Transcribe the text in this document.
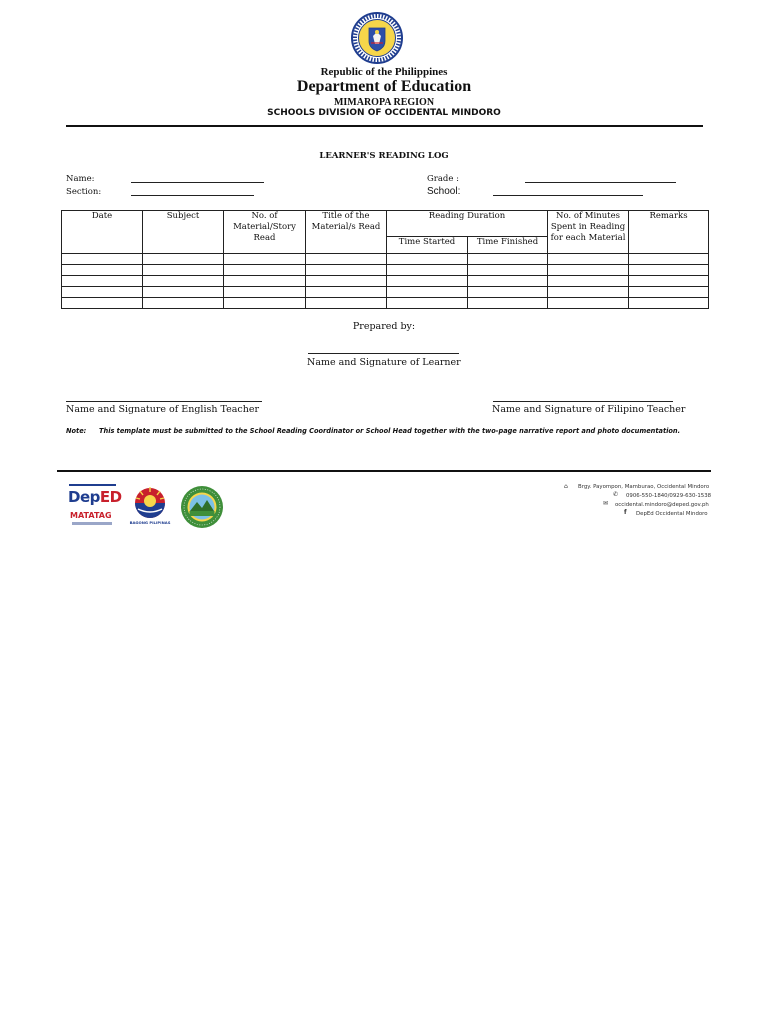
Republic of the Philippines
Department of Education
MIMAROPA REGION
SCHOOLS DIVISION OF OCCIDENTAL MINDORO
LEARNER'S READING LOG
Name:
Section:
Grade :
School:
Date	Subject	No. of Material/Story Read	Title of the Material/s Read	Reading Duration		No. of Minutes Spent in Reading for each Material	Remarks
				Time Started	Time Finished		

Prepared by:
Name and Signature of Learner
Name and Signature of English Teacher	Name and Signature of Filipino Teacher
Note: This template must be submitted to the School Reading Coordinator or School Head together with the two-page narrative report and photo documentation.
DepED
MATATAG
BAGONG PILIPINAS
⌂ Brgy. Payompon, Mamburao, Occidental Mindoro
✆ 0906-550-1840/0929-630-1538
✉ occidental.mindoro@deped.gov.ph
f DepEd Occidental Mindoro
